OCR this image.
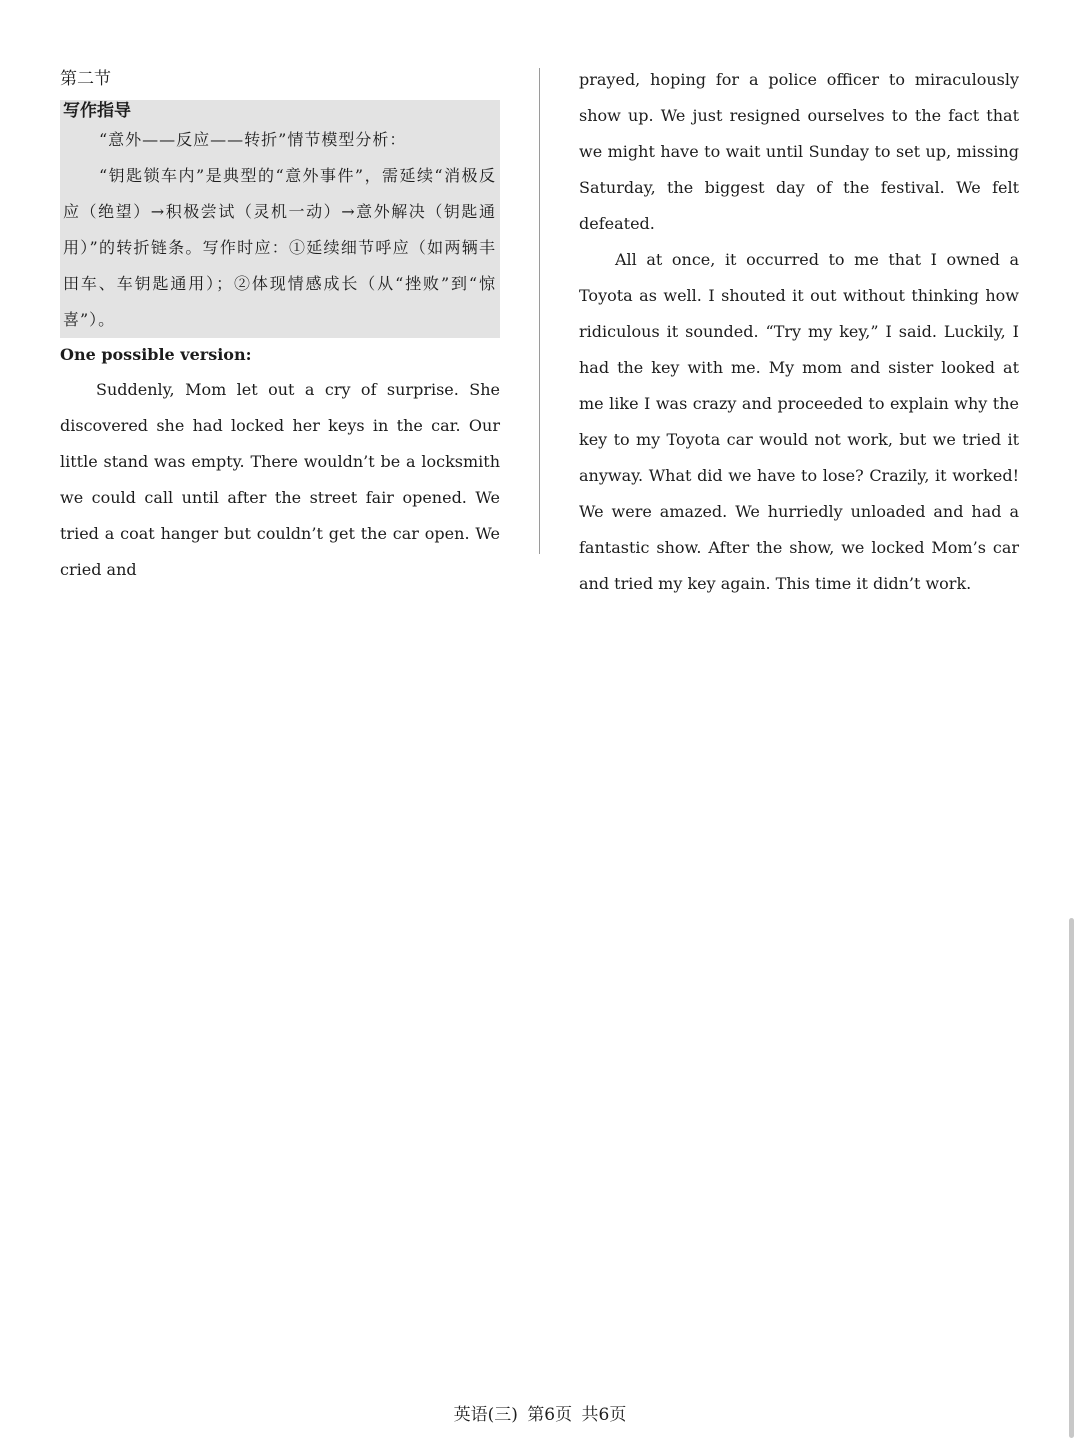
第二节

写作指导

“意外——反应——转折”情节模型分析：

“钥匙锁车内”是典型的“意外事件”，需延续“消极反应（绝望）→积极尝试（灵机一动）→意外解决（钥匙通用）”的转折链条。写作时应：①延续细节呼应（如两辆丰田车、车钥匙通用）；②体现情感成长（从“挫败”到“惊喜”）。

One possible version:

Suddenly, Mom let out a cry of surprise. She discovered she had locked her keys in the car. Our little stand was empty. There wouldn’t be a locksmith we could call until after the street fair opened. We tried a coat hanger but couldn’t get the car open. We cried and

prayed, hoping for a police officer to miraculously show up. We just resigned ourselves to the fact that we might have to wait until Sunday to set up, missing Saturday, the biggest day of the festival. We felt defeated.

All at once, it occurred to me that I owned a Toyota as well. I shouted it out without thinking how ridiculous it sounded. “Try my key,” I said. Luckily, I had the key with me. My mom and sister looked at me like I was crazy and proceeded to explain why the key to my Toyota car would not work, but we tried it anyway. What did we have to lose? Crazily, it worked! We were amazed. We hurriedly unloaded and had a fantastic show. After the show, we locked Mom’s car and tried my key again. This time it didn’t work.

英语(三) 第6页 共6页
